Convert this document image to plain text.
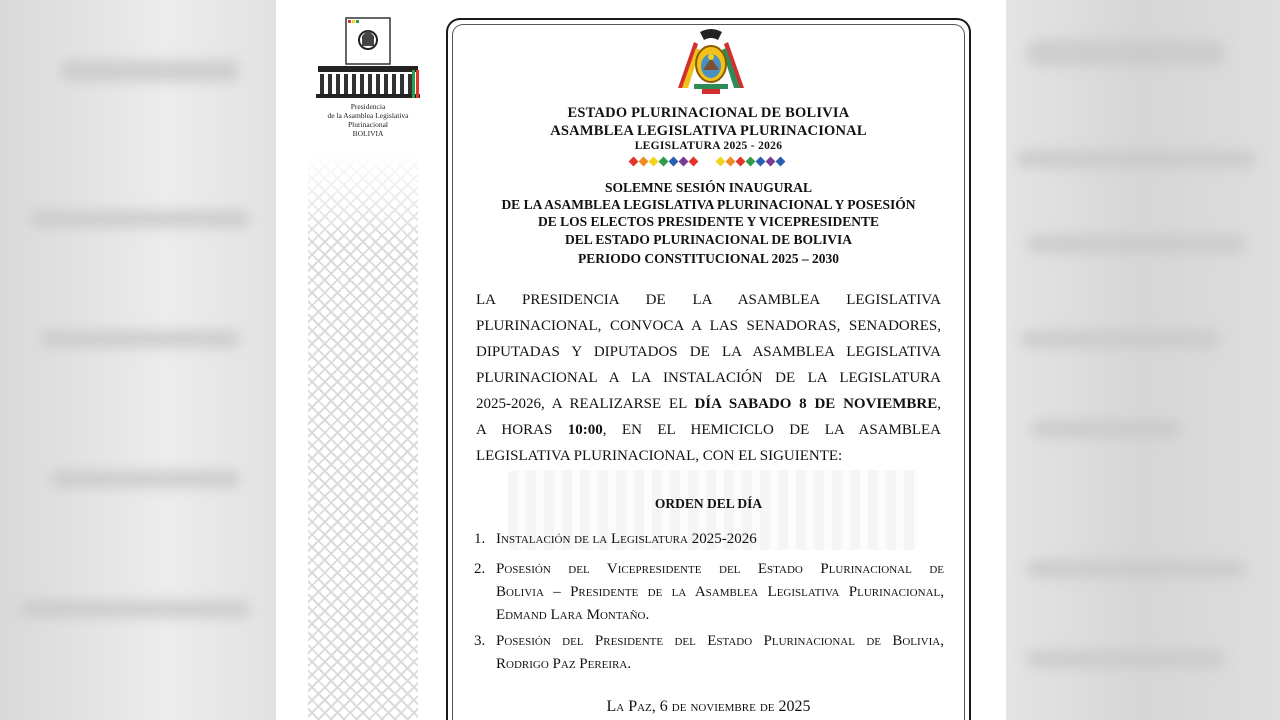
Presidencia
de la Asamblea Legislativa Plurinacional
BOLIVIA
ESTADO PLURINACIONAL DE BOLIVIA
ASAMBLEA LEGISLATIVA PLURINACIONAL
LEGISLATURA 2025 - 2026
SOLEMNE SESIÓN INAUGURAL
DE LA ASAMBLEA LEGISLATIVA PLURINACIONAL Y POSESIÓN
DE LOS ELECTOS PRESIDENTE Y VICEPRESIDENTE
DEL ESTADO PLURINACIONAL DE BOLIVIA
PERIODO CONSTITUCIONAL 2025 – 2030
LA PRESIDENCIA DE LA ASAMBLEA LEGISLATIVA
PLURINACIONAL, CONVOCA A LAS SENADORAS, SENADORES,
DIPUTADAS Y DIPUTADOS DE LA ASAMBLEA LEGISLATIVA
PLURINACIONAL A LA INSTALACIÓN DE LA LEGISLATURA
2025-2026, A REALIZARSE EL DÍA SABADO 8 DE NOVIEMBRE,
A HORAS 10:00, EN EL HEMICICLO DE LA ASAMBLEA
LEGISLATIVA PLURINACIONAL, CON EL SIGUIENTE:
ORDEN DEL DÍA
1. Instalación de la Legislatura 2025-2026
2. Posesión del Vicepresidente del Estado Plurinacional de
Bolivia – Presidente de la Asamblea Legislativa Plurinacional,
Edmand Lara Montaño.
3. Posesión del Presidente del Estado Plurinacional de Bolivia,
Rodrigo Paz Pereira.
La Paz, 6 de noviembre de 2025
